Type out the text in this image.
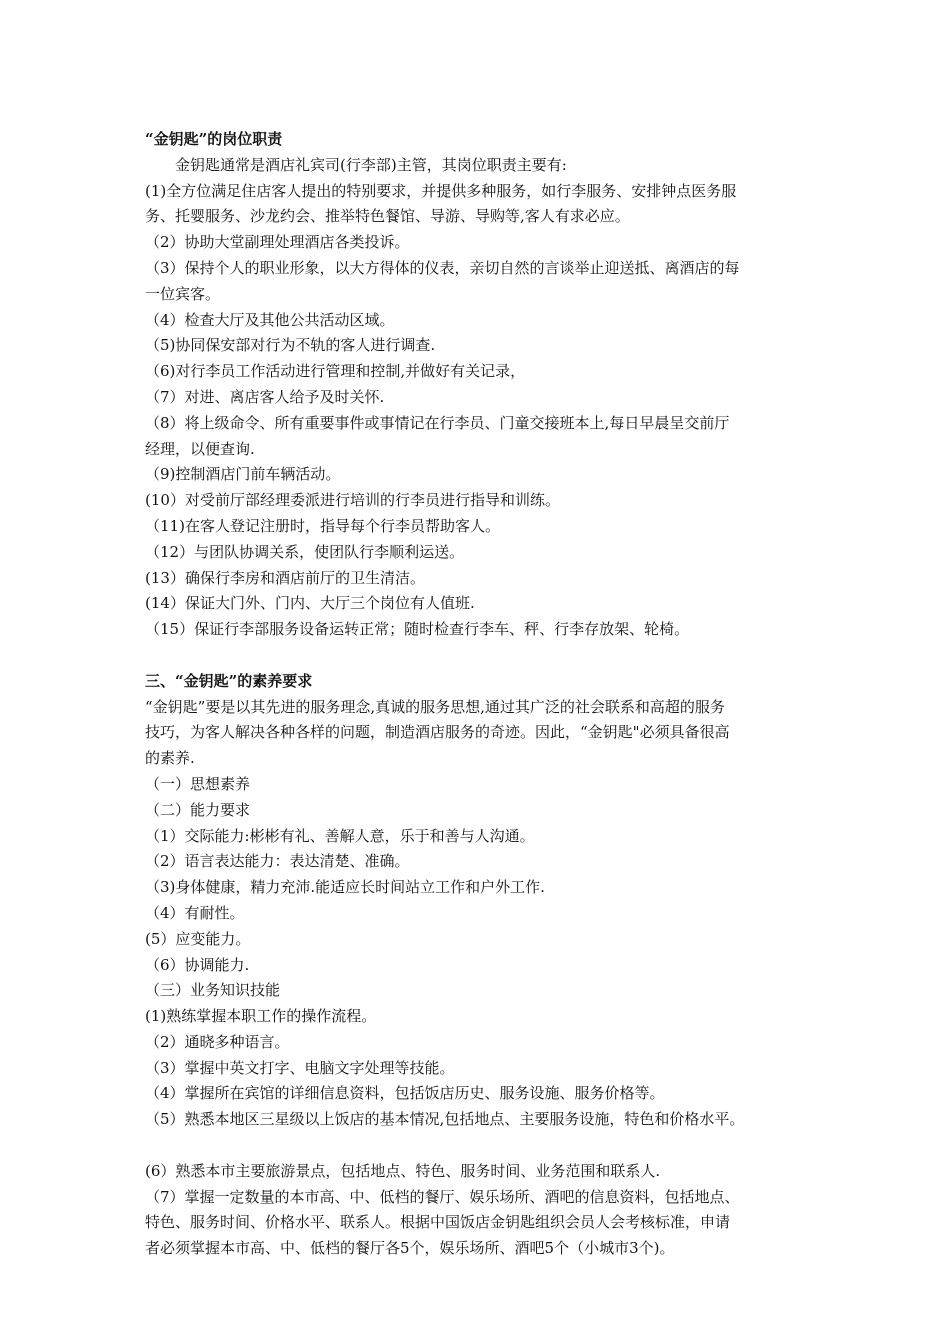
“金钥匙”的岗位职责
金钥匙通常是酒店礼宾司(行李部)主管，其岗位职责主要有:
(1)全方位满足住店客人提出的特别要求，并提供多种服务，如行李服务、安排钟点医务服
务、托婴服务、沙龙约会、推举特色餐馆、导游、导购等,客人有求必应。
（2）协助大堂副理处理酒店各类投诉。
（3）保持个人的职业形象，以大方得体的仪表，亲切自然的言谈举止迎送抵、离酒店的每
一位宾客。
（4）检查大厅及其他公共活动区域。
（5)协同保安部对行为不轨的客人进行调查.
（6)对行李员工作活动进行管理和控制,并做好有关记录，
（7）对进、离店客人给予及时关怀.
（8）将上级命令、所有重要事件或事情记在行李员、门童交接班本上,每日早晨呈交前厅
经理，以便查询.
（9)控制酒店门前车辆活动。
(10）对受前厅部经理委派进行培训的行李员进行指导和训练。
（11)在客人登记注册时，指导每个行李员帮助客人。
（12）与团队协调关系，使团队行李顺利运送。
(13）确保行李房和酒店前厅的卫生清洁。
(14）保证大门外、门内、大厅三个岗位有人值班.
（15）保证行李部服务设备运转正常；随时检查行李车、秤、行李存放架、轮椅。
三、“金钥匙”的素养要求
“金钥匙”要是以其先进的服务理念,真诚的服务思想,通过其广泛的社会联系和高超的服务
技巧，为客人解决各种各样的问题，制造酒店服务的奇迹。因此，“金钥匙"必须具备很高
的素养.
（一）思想素养
（二）能力要求
（1）交际能力:彬彬有礼、善解人意，乐于和善与人沟通。
（2）语言表达能力：表达清楚、准确。
（3)身体健康，精力充沛.能适应长时间站立工作和户外工作.
（4）有耐性。
(5）应变能力。
（6）协调能力.
（三）业务知识技能
(1)熟练掌握本职工作的操作流程。
（2）通晓多种语言。
（3）掌握中英文打字、电脑文字处理等技能。
（4）掌握所在宾馆的详细信息资料，包括饭店历史、服务设施、服务价格等。
（5）熟悉本地区三星级以上饭店的基本情况,包括地点、主要服务设施，特色和价格水平。
(6）熟悉本市主要旅游景点，包括地点、特色、服务时间、业务范围和联系人.
（7）掌握一定数量的本市高、中、低档的餐厅、娱乐场所、酒吧的信息资料，包括地点、
特色、服务时间、价格水平、联系人。根据中国饭店金钥匙组织会员人会考核标准，申请
者必须掌握本市高、中、低档的餐厅各5个，娱乐场所、酒吧5个（小城市3个)。
